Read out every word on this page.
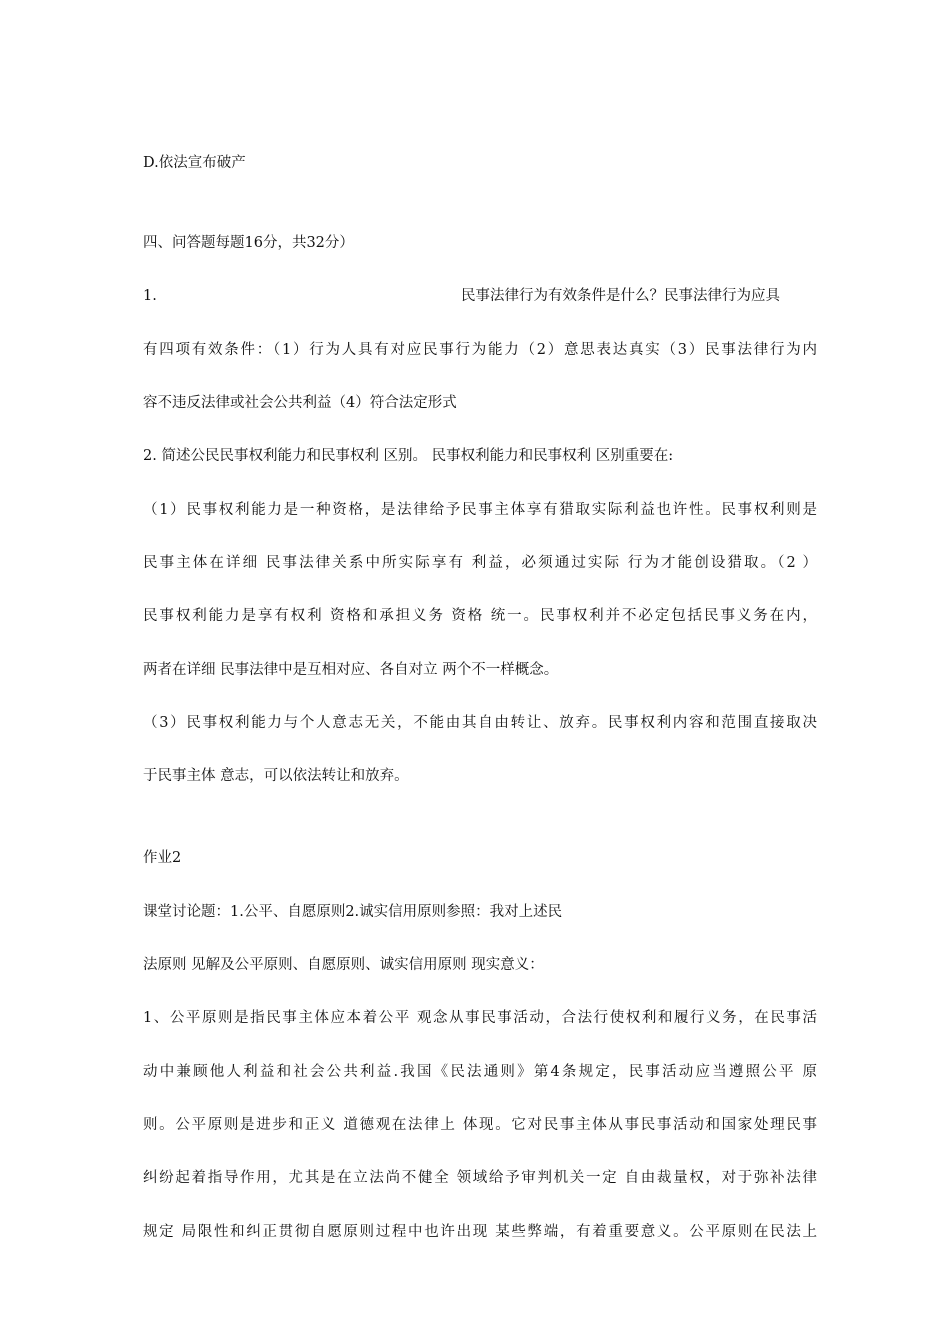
D.依法宣布破产
四、问答题每题16分，共32分）
1.	民事法律行为有效条件是什么？民事法律行为应具
有四项有效条件：（1）行为人具有对应民事行为能力（2）意思表达真实（3）民事法律行为内
容不违反法律或社会公共利益（4）符合法定形式
2. 简述公民民事权利能力和民事权利 区别。 民事权利能力和民事权利 区别重要在:
（1）民事权利能力是一种资格，是法律给予民事主体享有猎取实际利益也许性。民事权利则是
民事主体在详细 民事法律关系中所实际享有 利益，必须通过实际 行为才能创设猎取。（2 ）
民事权利能力是享有权利 资格和承担义务 资格 统一。民事权利并不必定包括民事义务在内，
两者在详细 民事法律中是互相对应、各自对立 两个不一样概念。
（3）民事权利能力与个人意志无关，不能由其自由转让、放弃。民事权利内容和范围直接取决
于民事主体 意志，可以依法转让和放弃。
作业2
课堂讨论题：1.公平、自愿原则2.诚实信用原则参照：我对上述民
法原则 见解及公平原则、自愿原则、诚实信用原则 现实意义：
1、公平原则是指民事主体应本着公平 观念从事民事活动，合法行使权利和履行义务，在民事活
动中兼顾他人利益和社会公共利益.我国《民法通则》第4条规定，民事活动应当遵照公平 原
则。公平原则是进步和正义 道德观在法律上 体现。它对民事主体从事民事活动和国家处理民事
纠纷起着指导作用，尤其是在立法尚不健全 领域给予审判机关一定 自由裁量权，对于弥补法律
规定 局限性和纠正贯彻自愿原则过程中也许出现 某些弊端，有着重要意义。公平原则在民法上
